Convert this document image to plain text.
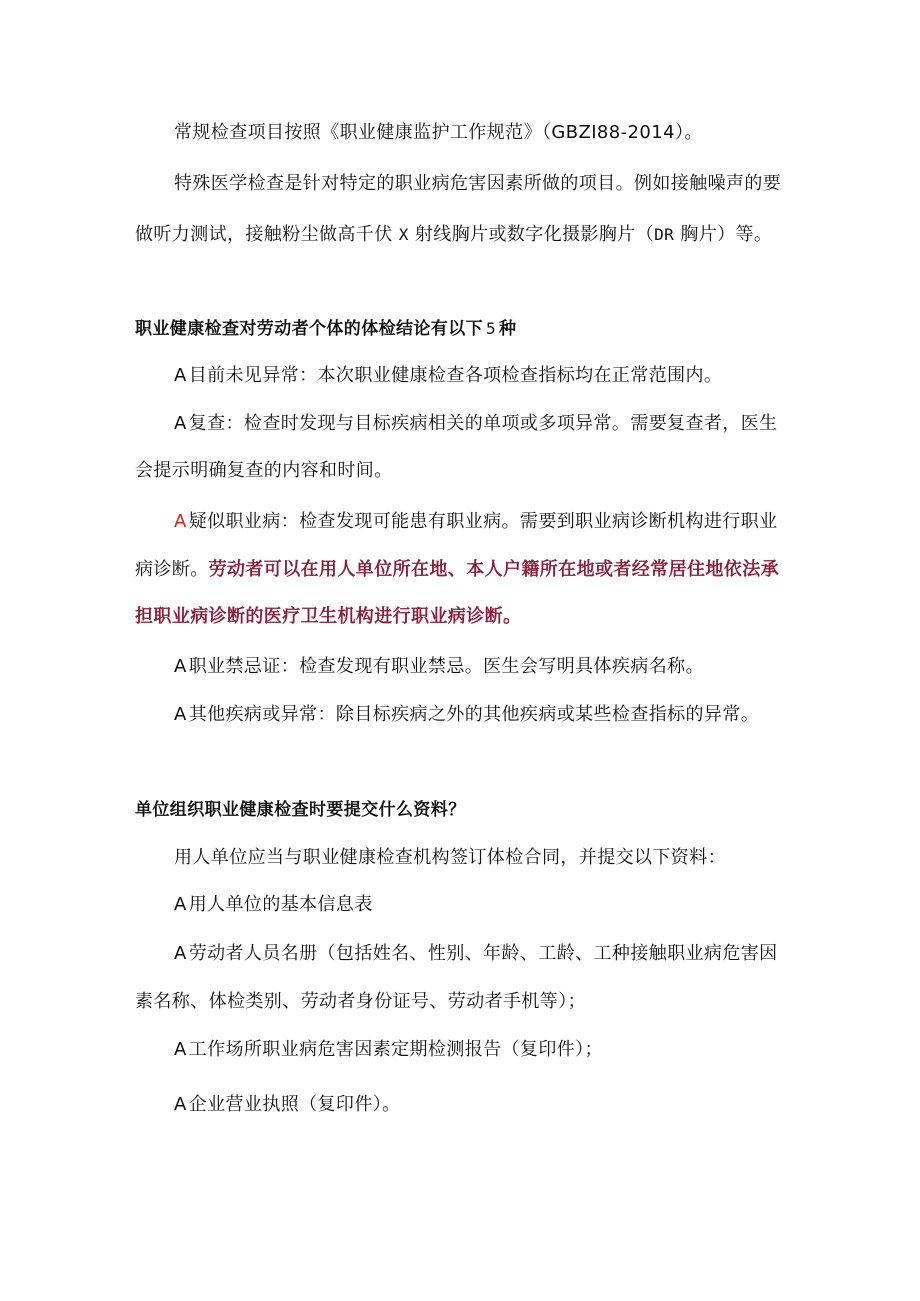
常规检查项目按照《职业健康监护工作规范》（GBZI88-2014）。

特殊医学检查是针对特定的职业病危害因素所做的项目。例如接触噪声的要

做听力测试，接触粉尘做高千伏 X 射线胸片或数字化摄影胸片（DR 胸片）等。

职业健康检查对劳动者个体的体检结论有以下 5 种

A 目前未见异常：本次职业健康检查各项检查指标均在正常范围内。

A 复查：检查时发现与目标疾病相关的单项或多项异常。需要复查者，医生

会提示明确复查的内容和时间。

A 疑似职业病：检查发现可能患有职业病。需要到职业病诊断机构进行职业

病诊断。劳动者可以在用人单位所在地、本人户籍所在地或者经常居住地依法承

担职业病诊断的医疗卫生机构进行职业病诊断。

A 职业禁忌证：检查发现有职业禁忌。医生会写明具体疾病名称。

A 其他疾病或异常：除目标疾病之外的其他疾病或某些检查指标的异常。

单位组织职业健康检查时要提交什么资料？

用人单位应当与职业健康检查机构签订体检合同，并提交以下资料：

A 用人单位的基本信息表

A 劳动者人员名册（包括姓名、性别、年龄、工龄、工种接触职业病危害因

素名称、体检类别、劳动者身份证号、劳动者手机等）；

A 工作场所职业病危害因素定期检测报告（复印件）；

A 企业营业执照（复印件）。
